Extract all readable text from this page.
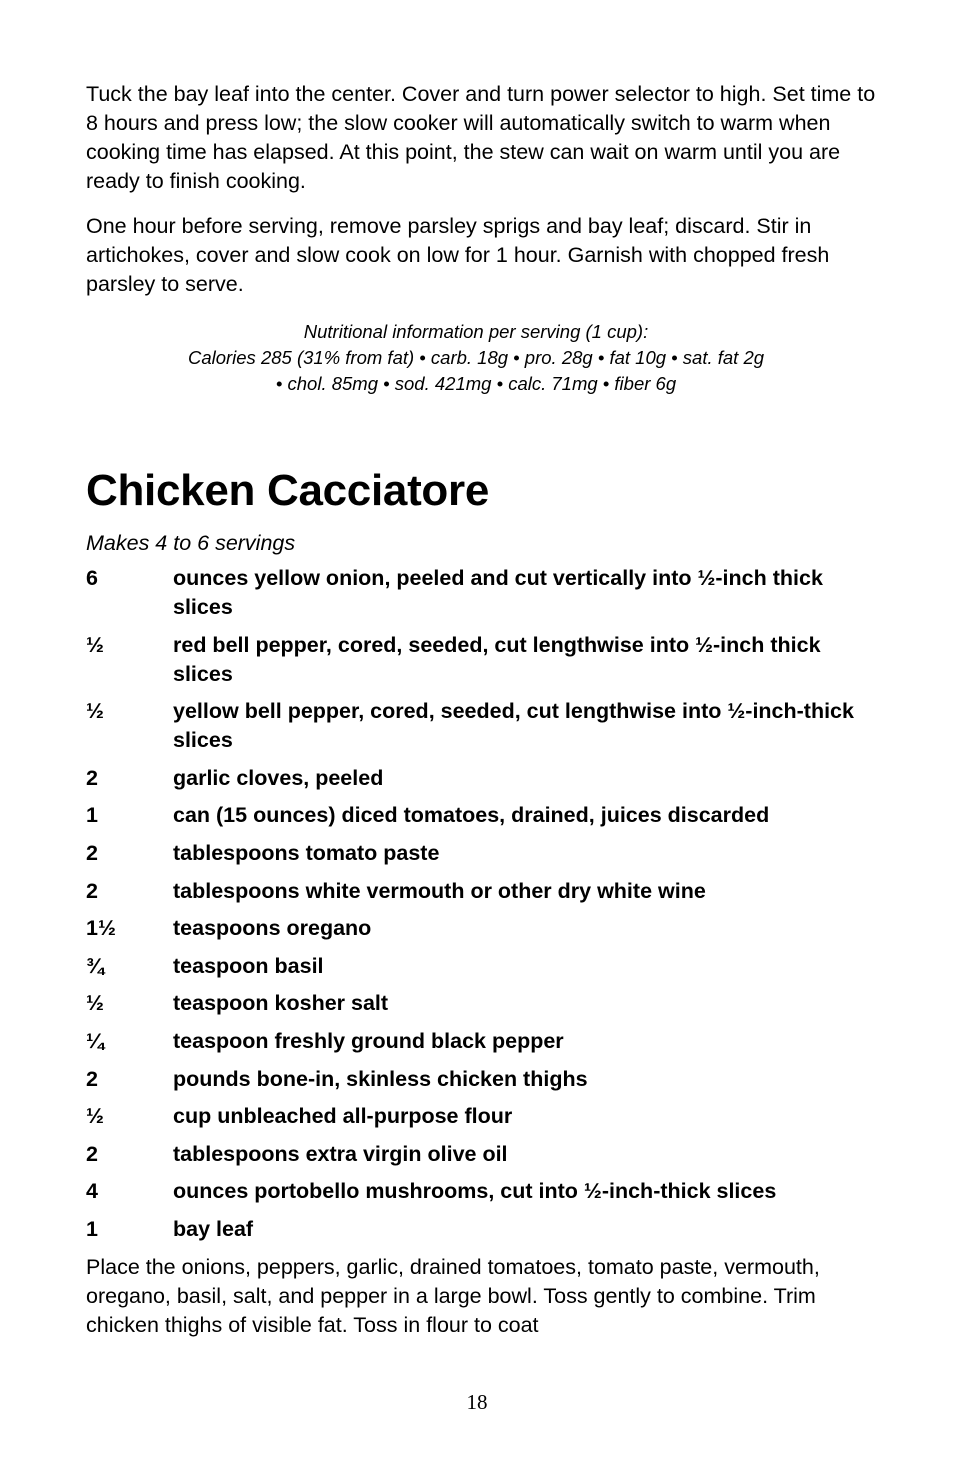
Tuck the bay leaf into the center. Cover and turn power selector to high. Set time to 8 hours and press low; the slow cooker will automatically switch to warm when cooking time has elapsed. At this point, the stew can wait on warm until you are ready to finish cooking.

One hour before serving, remove parsley sprigs and bay leaf; discard. Stir in artichokes, cover and slow cook on low for 1 hour. Garnish with chopped fresh parsley to serve.

Nutritional information per serving (1 cup):
Calories 285 (31% from fat) • carb. 18g • pro. 28g • fat 10g • sat. fat 2g
• chol. 85mg • sod. 421mg • calc. 71mg • fiber 6g
Chicken Cacciatore
Makes 4 to 6 servings
6	ounces yellow onion, peeled and cut vertically into ½-inch thick slices
½	red bell pepper, cored, seeded, cut lengthwise into ½-inch thick slices
½	yellow bell pepper, cored, seeded, cut lengthwise into ½-inch-thick slices
2	garlic cloves, peeled
1	can (15 ounces) diced tomatoes, drained, juices discarded
2	tablespoons tomato paste
2	tablespoons white vermouth or other dry white wine
1½	teaspoons oregano
¾	teaspoon basil
½	teaspoon kosher salt
¼	teaspoon freshly ground black pepper
2	pounds bone-in, skinless chicken thighs
½	cup unbleached all-purpose flour
2	tablespoons extra virgin olive oil
4	ounces portobello mushrooms, cut into ½-inch-thick slices
1	bay leaf

Place the onions, peppers, garlic, drained tomatoes, tomato paste, vermouth, oregano, basil, salt, and pepper in a large bowl. Toss gently to combine. Trim chicken thighs of visible fat. Toss in flour to coat

18
